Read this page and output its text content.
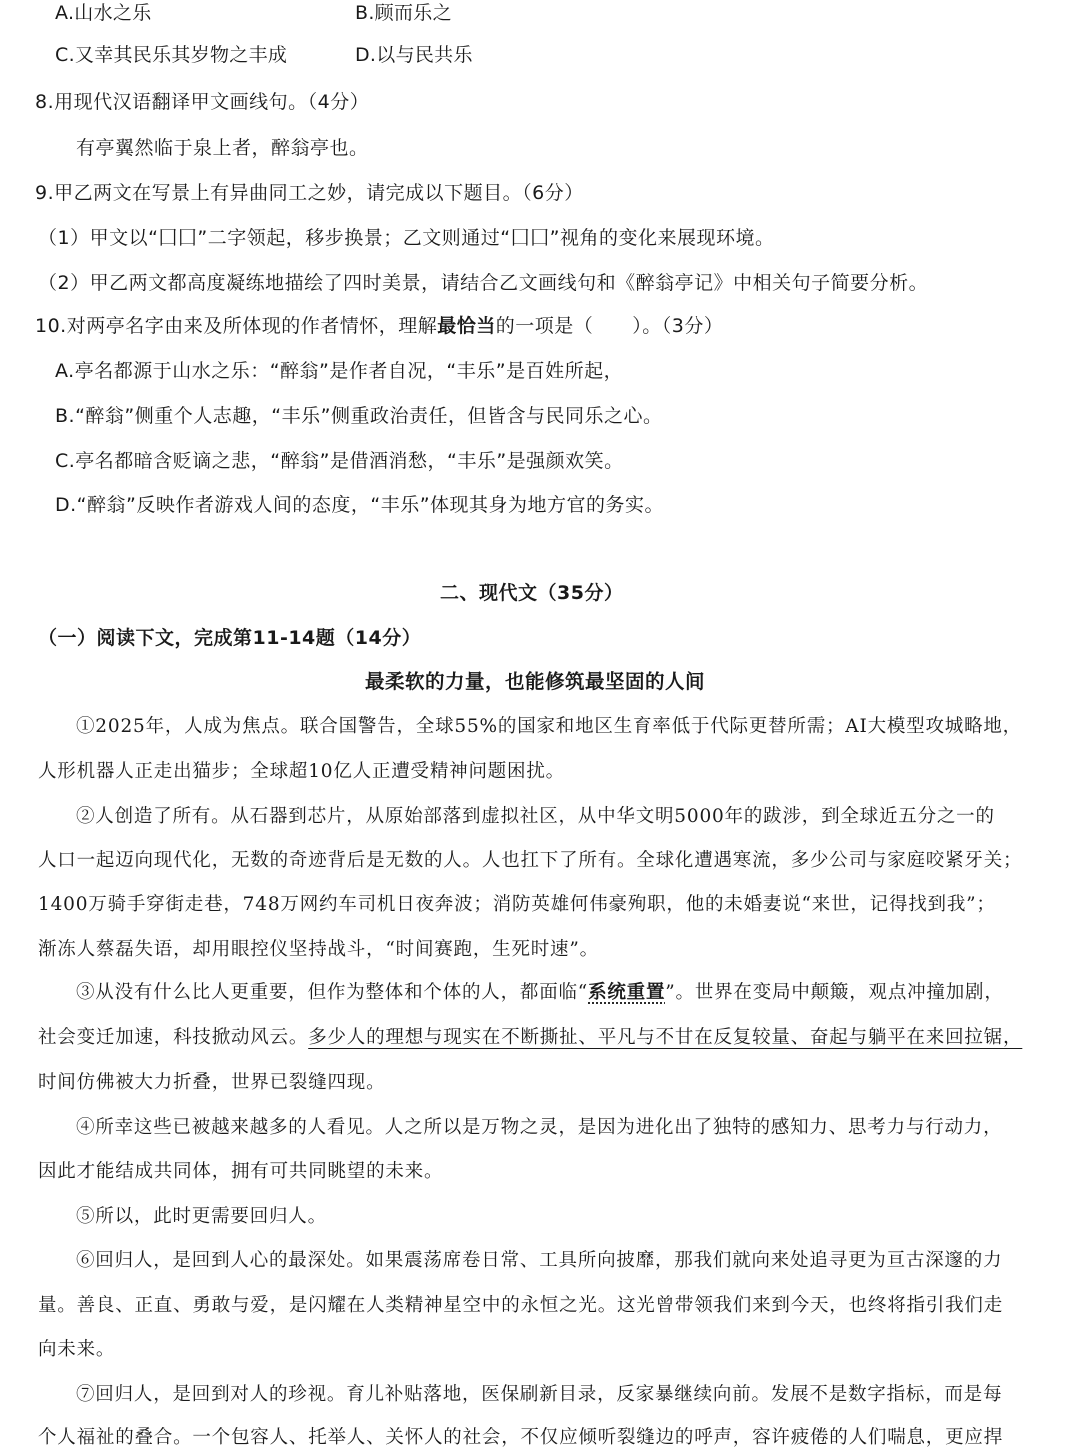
A.山水之乐	B.顾而乐之
C.又幸其民乐其岁物之丰成	D.以与民共乐
8.用现代汉语翻译甲文画线句。（4分）
有亭翼然临于泉上者，醉翁亭也。
9.甲乙两文在写景上有异曲同工之妙，请完成以下题目。（6分）
（1）甲文以“囗囗”二字领起，移步换景；乙文则通过“囗囗”视角的变化来展现环境。
（2）甲乙两文都高度凝练地描绘了四时美景，请结合乙文画线句和《醉翁亭记》中相关句子简要分析。
10.对两亭名字由来及所体现的作者情怀，理解最恰当的一项是（　　）。（3分）
A.亭名都源于山水之乐：“醉翁”是作者自况，“丰乐”是百姓所起，
B.“醉翁”侧重个人志趣，“丰乐”侧重政治责任，但皆含与民同乐之心。
C.亭名都暗含贬谪之悲，“醉翁”是借酒消愁，“丰乐”是强颜欢笑。
D.“醉翁”反映作者游戏人间的态度，“丰乐”体现其身为地方官的务实。
二、现代文（35分）
（一）阅读下文，完成第11-14题（14分）
最柔软的力量，也能修筑最坚固的人间
①2025年，人成为焦点。联合国警告，全球55%的国家和地区生育率低于代际更替所需；AI大模型攻城略地，
人形机器人正走出猫步；全球超10亿人正遭受精神问题困扰。
②人创造了所有。从石器到芯片，从原始部落到虚拟社区，从中华文明5000年的跋涉，到全球近五分之一的
人口一起迈向现代化，无数的奇迹背后是无数的人。人也扛下了所有。全球化遭遇寒流，多少公司与家庭咬紧牙关；
1400万骑手穿街走巷，748万网约车司机日夜奔波；消防英雄何伟豪殉职，他的未婚妻说“来世，记得找到我”；
渐冻人蔡磊失语，却用眼控仪坚持战斗，“时间赛跑，生死时速”。
③从没有什么比人更重要，但作为整体和个体的人，都面临“系统重置”。世界在变局中颠簸，观点冲撞加剧，
社会变迁加速，科技掀动风云。多少人的理想与现实在不断撕扯、平凡与不甘在反复较量、奋起与躺平在来回拉锯，
时间仿佛被大力折叠，世界已裂缝四现。
④所幸这些已被越来越多的人看见。人之所以是万物之灵，是因为进化出了独特的感知力、思考力与行动力，
因此才能结成共同体，拥有可共同眺望的未来。
⑤所以，此时更需要回归人。
⑥回归人，是回到人心的最深处。如果震荡席卷日常、工具所向披靡，那我们就向来处追寻更为亘古深邃的力
量。善良、正直、勇敢与爱，是闪耀在人类精神星空中的永恒之光。这光曾带领我们来到今天，也终将指引我们走
向未来。
⑦回归人，是回到对人的珍视。育儿补贴落地，医保刷新目录，反家暴继续向前。发展不是数字指标，而是每
个人福祉的叠合。一个包容人、托举人、关怀人的社会，不仅应倾听裂缝边的呼声，容许疲倦的人们喘息，更应捍
